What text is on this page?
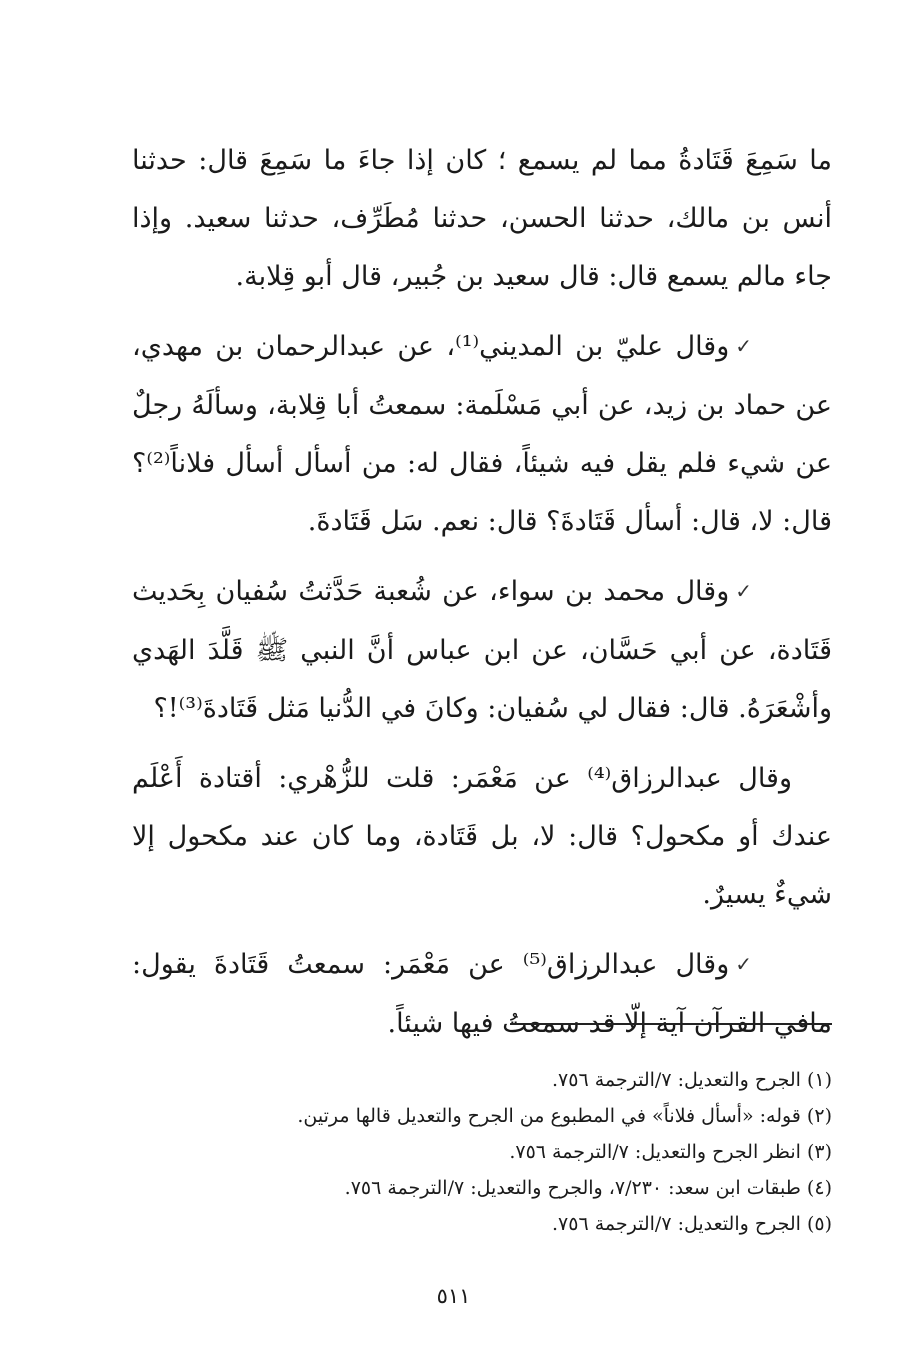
ما سَمِعَ قَتَادةُ مما لم يسمع ؛ كان إذا جاءَ ما سَمِعَ قال: حدثنا أنس بن مالك، حدثنا الحسن، حدثنا مُطَرِّف، حدثنا سعيد. وإذا جاء مالم يسمع قال: قال سعيد بن جُبير، قال أبو قِلابة.

✓وقال عليّ بن المديني⁽¹⁾، عن عبدالرحمان بن مهدي، عن حماد بن زيد، عن أبي مَسْلَمة: سمعتُ أبا قِلابة، وسألَهُ رجلٌ عن شيء فلم يقل فيه شيئاً، فقال له: من أسأل أسأل فلاناً⁽²⁾؟ قال: لا، قال: أسأل قَتَادةَ؟ قال: نعم. سَل قَتَادةَ.

✓وقال محمد بن سواء، عن شُعبة حَدَّثتُ سُفيان بِحَديث قَتَادة، عن أبي حَسَّان، عن ابن عباس أنَّ النبي ﷺ قَلَّدَ الهَدي وأشْعَرَهُ. قال: فقال لي سُفيان: وكانَ في الدُّنيا مَثل قَتَادةَ⁽³⁾!؟

وقال عبدالرزاق⁽⁴⁾ عن مَعْمَر: قلت للزُّهْري: أقتادة أَعْلَم عندك أو مكحول؟ قال: لا، بل قَتَادة، وما كان عند مكحول إلا شيءٌ يسيرٌ.

✓وقال عبدالرزاق⁽⁵⁾ عن مَعْمَر: سمعتُ قَتَادةَ يقول: مافي القرآن آية إلّا قد سمعتُ فيها شيئاً.

(١) الجرح والتعديل: ٧/الترجمة ٧٥٦.

(٢) قوله: «أسأل فلاناً» في المطبوع من الجرح والتعديل قالها مرتين.

(٣) انظر الجرح والتعديل: ٧/الترجمة ٧٥٦.

(٤) طبقات ابن سعد: ٧/٢٣٠، والجرح والتعديل: ٧/الترجمة ٧٥٦.

(٥) الجرح والتعديل: ٧/الترجمة ٧٥٦.

٥١١
